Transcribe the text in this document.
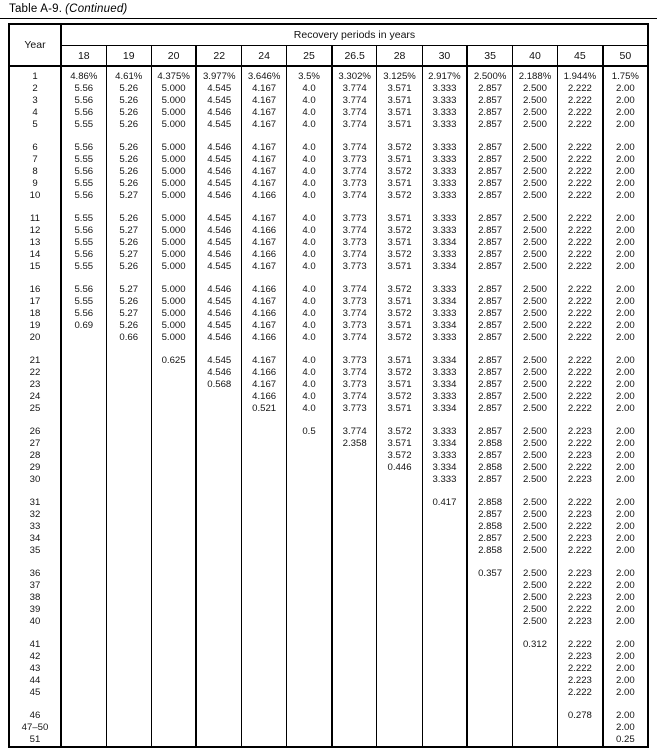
Table A-9. (Continued)
Year	Recovery periods in years												
	18	19	20	22	24	25	26.5	28	30	35	40	45	50
1	4.86%	4.61%	4.375%	3.977%	3.646%	3.5%	3.302%	3.125%	2.917%	2.500%	2.188%	1.944%	1.75%
2	5.56	5.26	5.000	4.545	4.167	4.0	3.774	3.571	3.333	2.857	2.500	2.222	2.00
3	5.56	5.26	5.000	4.545	4.167	4.0	3.774	3.571	3.333	2.857	2.500	2.222	2.00
4	5.56	5.26	5.000	4.546	4.167	4.0	3.774	3.571	3.333	2.857	2.500	2.222	2.00
5	5.55	5.26	5.000	4.545	4.167	4.0	3.774	3.571	3.333	2.857	2.500	2.222	2.00

6	5.56	5.26	5.000	4.546	4.167	4.0	3.774	3.572	3.333	2.857	2.500	2.222	2.00
7	5.55	5.26	5.000	4.545	4.167	4.0	3.773	3.571	3.333	2.857	2.500	2.222	2.00
8	5.56	5.26	5.000	4.546	4.167	4.0	3.774	3.572	3.333	2.857	2.500	2.222	2.00
9	5.55	5.26	5.000	4.545	4.167	4.0	3.773	3.571	3.333	2.857	2.500	2.222	2.00
10	5.56	5.27	5.000	4.546	4.166	4.0	3.774	3.572	3.333	2.857	2.500	2.222	2.00

11	5.55	5.26	5.000	4.545	4.167	4.0	3.773	3.571	3.333	2.857	2.500	2.222	2.00
12	5.56	5.27	5.000	4.546	4.166	4.0	3.774	3.572	3.333	2.857	2.500	2.222	2.00
13	5.55	5.26	5.000	4.545	4.167	4.0	3.773	3.571	3.334	2.857	2.500	2.222	2.00
14	5.56	5.27	5.000	4.546	4.166	4.0	3.774	3.572	3.333	2.857	2.500	2.222	2.00
15	5.55	5.26	5.000	4.545	4.167	4.0	3.773	3.571	3.334	2.857	2.500	2.222	2.00

16	5.56	5.27	5.000	4.546	4.166	4.0	3.774	3.572	3.333	2.857	2.500	2.222	2.00
17	5.55	5.26	5.000	4.545	4.167	4.0	3.773	3.571	3.334	2.857	2.500	2.222	2.00
18	5.56	5.27	5.000	4.546	4.166	4.0	3.774	3.572	3.333	2.857	2.500	2.222	2.00
19	0.69	5.26	5.000	4.545	4.167	4.0	3.773	3.571	3.334	2.857	2.500	2.222	2.00
20		0.66	5.000	4.546	4.166	4.0	3.774	3.572	3.333	2.857	2.500	2.222	2.00

21			0.625	4.545	4.167	4.0	3.773	3.571	3.334	2.857	2.500	2.222	2.00
22				4.546	4.166	4.0	3.774	3.572	3.333	2.857	2.500	2.222	2.00
23				0.568	4.167	4.0	3.773	3.571	3.334	2.857	2.500	2.222	2.00
24					4.166	4.0	3.774	3.572	3.333	2.857	2.500	2.222	2.00
25					0.521	4.0	3.773	3.571	3.334	2.857	2.500	2.222	2.00

26						0.5	3.774	3.572	3.333	2.857	2.500	2.223	2.00
27							2.358	3.571	3.334	2.858	2.500	2.222	2.00
28								3.572	3.333	2.857	2.500	2.223	2.00
29								0.446	3.334	2.858	2.500	2.222	2.00
30									3.333	2.857	2.500	2.223	2.00

31									0.417	2.858	2.500	2.222	2.00
32										2.857	2.500	2.223	2.00
33										2.858	2.500	2.222	2.00
34										2.857	2.500	2.223	2.00
35										2.858	2.500	2.222	2.00

36										0.357	2.500	2.223	2.00
37											2.500	2.222	2.00
38											2.500	2.223	2.00
39											2.500	2.222	2.00
40											2.500	2.223	2.00

41											0.312	2.222	2.00
42												2.223	2.00
43												2.222	2.00
44												2.223	2.00
45												2.222	2.00

46												0.278	2.00
47–50													2.00
51													0.25
